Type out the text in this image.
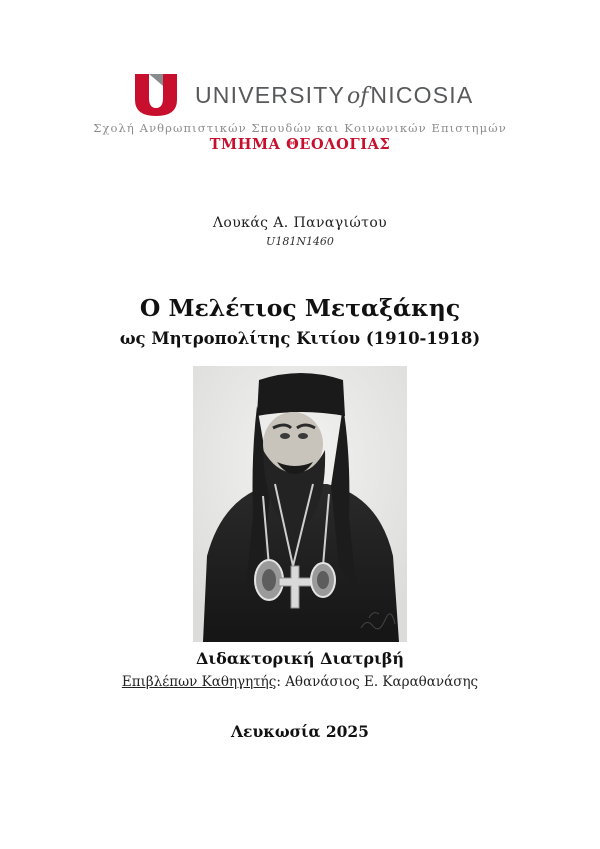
UNIVERSITYofNICOSIA
Σχολή Ανθρωπιστικών Σπουδών και Κοινωνικών Επιστημών
ΤΜΗΜΑ ΘΕΟΛΟΓΙΑΣ
Λουκάς Α. Παναγιώτου
U181N1460
Ο Μελέτιος Μεταξάκης
ως Μητροπολίτης Κιτίου (1910-1918)
Διδακτορική Διατριβή
Επιβλέπων Καθηγητής: Αθανάσιος Ε. Καραθανάσης
Λευκωσία 2025
